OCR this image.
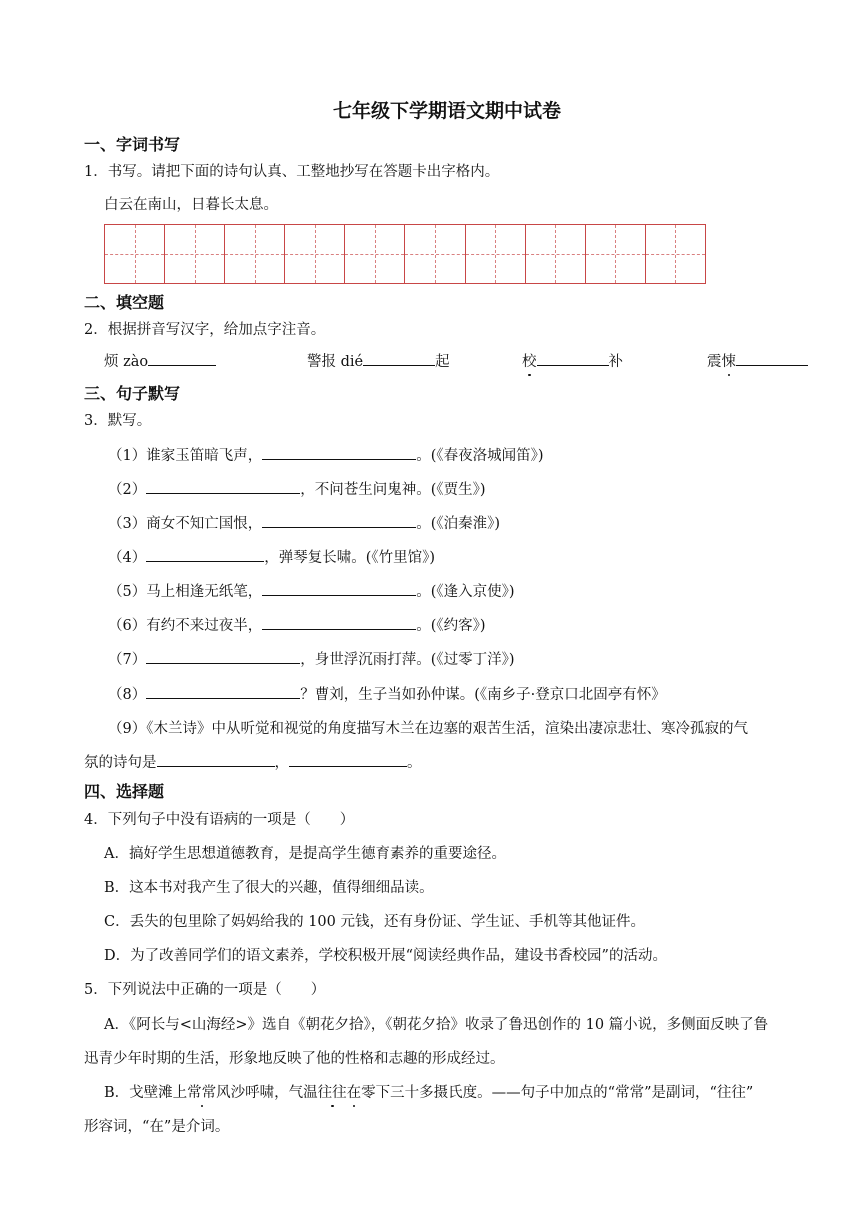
七年级下学期语文期中试卷
一、字词书写
1．书写。请把下面的诗句认真、工整地抄写在答题卡出字格内。
白云在南山，日暮长太息。
二、填空题
2．根据拼音写汉字，给加点字注音。
烦 zào	警报 dié	起	校	补	震悚
三、句子默写
3．默写。
（1）谁家玉笛暗飞声，	。(《春夜洛城闻笛》)
（2）	，不问苍生问鬼神。(《贾生》)
（3）商女不知亡国恨，	。(《泊秦淮》)
（4）	，弹琴复长啸。(《竹里馆》)
（5）马上相逢无纸笔，	。(《逢入京使》)
（6）有约不来过夜半，	。(《约客》)
（7）	，身世浮沉雨打萍。(《过零丁洋》)
（8）	？曹刘，生子当如孙仲谋。(《南乡子·登京口北固亭有怀》
（9）《木兰诗》中从听觉和视觉的角度描写木兰在边塞的艰苦生活，渲染出凄凉悲壮、寒冷孤寂的气
氛的诗句是	，	。
四、选择题
4．下列句子中没有语病的一项是（　　）
A．搞好学生思想道德教育，是提高学生德育素养的重要途径。
B．这本书对我产生了很大的兴趣，值得细细品读。
C．丢失的包里除了妈妈给我的 100 元钱，还有身份证、学生证、手机等其他证件。
D．为了改善同学们的语文素养，学校积极开展“阅读经典作品，建设书香校园”的活动。
5．下列说法中正确的一项是（　　）
A．《阿长与<山海经>》选自《朝花夕拾》，《朝花夕拾》收录了鲁迅创作的 10 篇小说，多侧面反映了鲁
迅青少年时期的生活，形象地反映了他的性格和志趣的形成经过。
B．戈壁滩上常常风沙呼啸，气温往往在零下三十多摄氏度。——句子中加点的“常常”是副词，“往往”
形容词，“在”是介词。
